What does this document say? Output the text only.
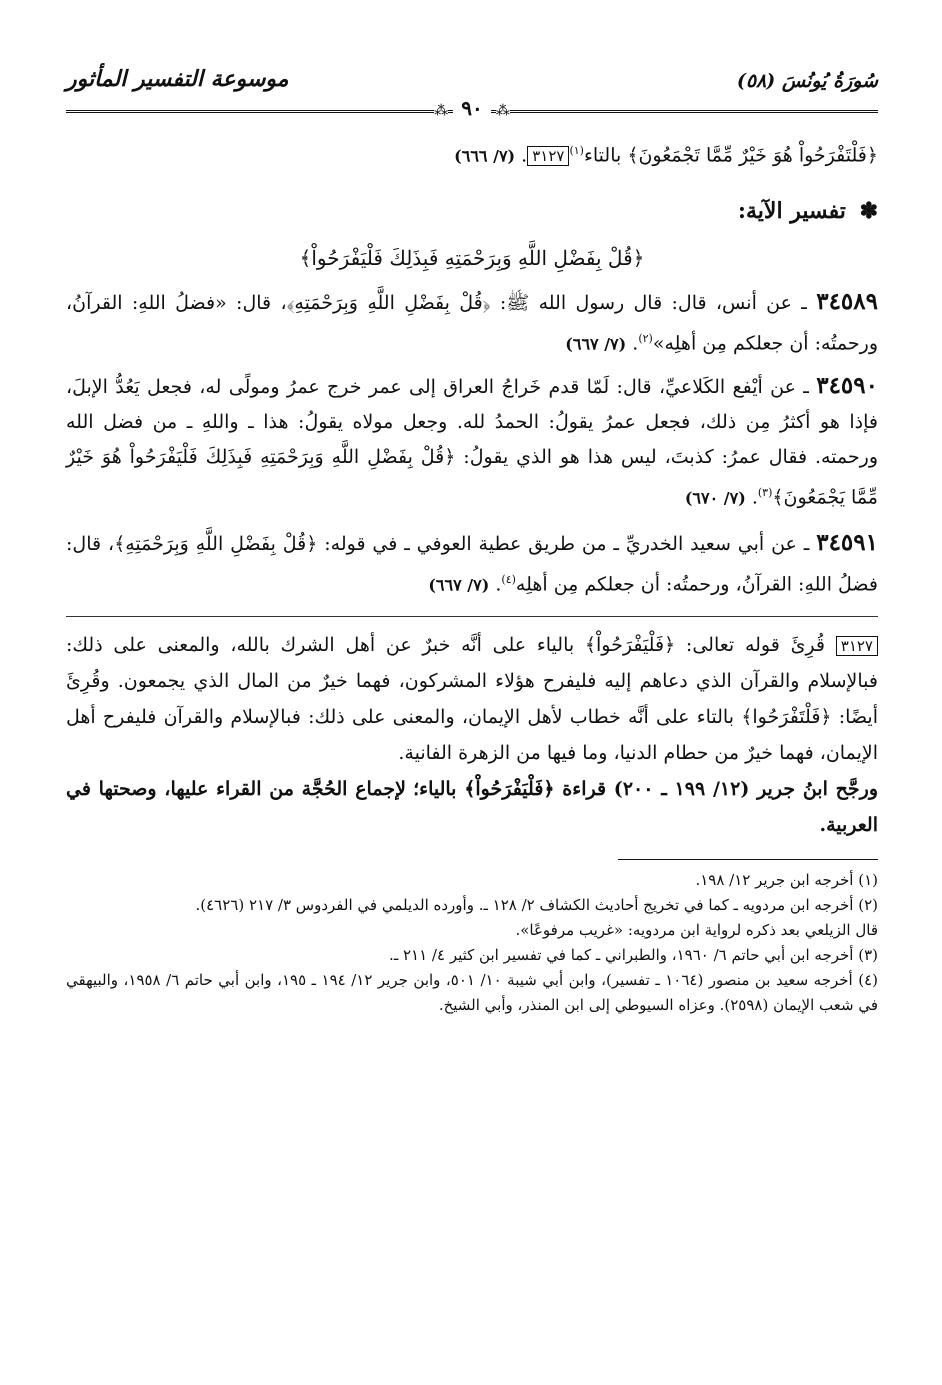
سُورَةُ يُونُسَ (٥٨)
موسوعة التفسير المأثور
⁂ ٩٠ ⁂

﴿فَلْتَفْرَحُواْ هُوَ خَيْرٌ مِّمَّا تَجْمَعُونَ﴾ بالتاء$^{(١)}$٣١٢٧. (٧/ ٦٦٦)

✽ تفسير الآية:
﴿قُلْ بِفَضْلِ اللَّهِ وَبِرَحْمَتِهِ فَبِذَلِكَ فَلْيَفْرَحُواْ﴾
٣٤٥٨٩ ـ عن أنس، قال: قال رسول الله ﷺ: ﴿قُلْ بِفَضْلِ اللَّهِ وَبِرَحْمَتِهِ﴾، قال: «فضلُ اللهِ: القرآنُ، ورحمتُه: أن جعلكم مِن أهلِه»$^{(٢)}$. (٧/ ٦٦٧)
٣٤٥٩٠ ـ عن أيْفع الكَلاعيِّ، قال: لَمّا قدم خَراجُ العراق إلى عمر خرج عمرُ ومولًى له، فجعل يَعُدُّ الإبلَ، فإذا هو أكثرُ مِن ذلك، فجعل عمرُ يقولُ: الحمدُ لله. وجعل مولاه يقولُ: هذا ـ واللهِ ـ من فضل الله ورحمته. فقال عمرُ: كذبتَ، ليس هذا هو الذي يقولُ: ﴿قُلْ بِفَضْلِ اللَّهِ وَبِرَحْمَتِهِ فَبِذَلِكَ فَلْيَفْرَحُواْ هُوَ خَيْرٌ مِّمَّا يَجْمَعُونَ﴾$^{(٣)}$. (٧/ ٦٧٠)
٣٤٥٩١ ـ عن أبي سعيد الخدريِّ ـ من طريق عطية العوفي ـ في قوله: ﴿قُلْ بِفَضْلِ اللَّهِ وَبِرَحْمَتِهِ﴾، قال: فضلُ اللهِ: القرآنُ، ورحمتُه: أن جعلكم مِن أهلِه$^{(٤)}$. (٧/ ٦٦٧)

٣١٢٧ قُرِئَ قوله تعالى: ﴿فَلْيَفْرَحُواْ﴾ بالياء على أنَّه خبرٌ عن أهل الشرك بالله، والمعنى على ذلك: فبالإسلام والقرآن الذي دعاهم إليه فليفرح هؤلاء المشركون، فهما خيرٌ من المال الذي يجمعون. وقُرِئَ أيضًا: ﴿فَلْتَفْرَحُوا﴾ بالتاء على أنَّه خطاب لأهل الإيمان، والمعنى على ذلك: فبالإسلام والقرآن فليفرح أهل الإيمان، فهما خيرٌ من حطام الدنيا، وما فيها من الزهرة الفانية.

ورجَّح ابنُ جرير (١٢/ ١٩٩ ـ ٢٠٠) قراءة ﴿فَلْيَفْرَحُواْ﴾ بالياء؛ لإجماع الحُجَّة من القراء عليها، وصحتها في العربية.

(١) أخرجه ابن جرير ١٢/ ١٩٨.

(٢) أخرجه ابن مردويه ـ كما في تخريج أحاديث الكشاف ٢/ ١٢٨ ـ. وأورده الديلمي في الفردوس ٣/ ٢١٧ (٤٦٢٦).

قال الزيلعي بعد ذكره لرواية ابن مردويه: «غريب مرفوعًا».

(٣) أخرجه ابن أبي حاتم ٦/ ١٩٦٠، والطبراني ـ كما في تفسير ابن كثير ٤/ ٢١١ ـ.

(٤) أخرجه سعيد بن منصور (١٠٦٤ ـ تفسير)، وابن أبي شيبة ١٠/ ٥٠١، وابن جرير ١٢/ ١٩٤ ـ ١٩٥، وابن أبي حاتم ٦/ ١٩٥٨، والبيهقي في شعب الإيمان (٢٥٩٨). وعزاه السيوطي إلى ابن المنذر، وأبي الشيخ.
